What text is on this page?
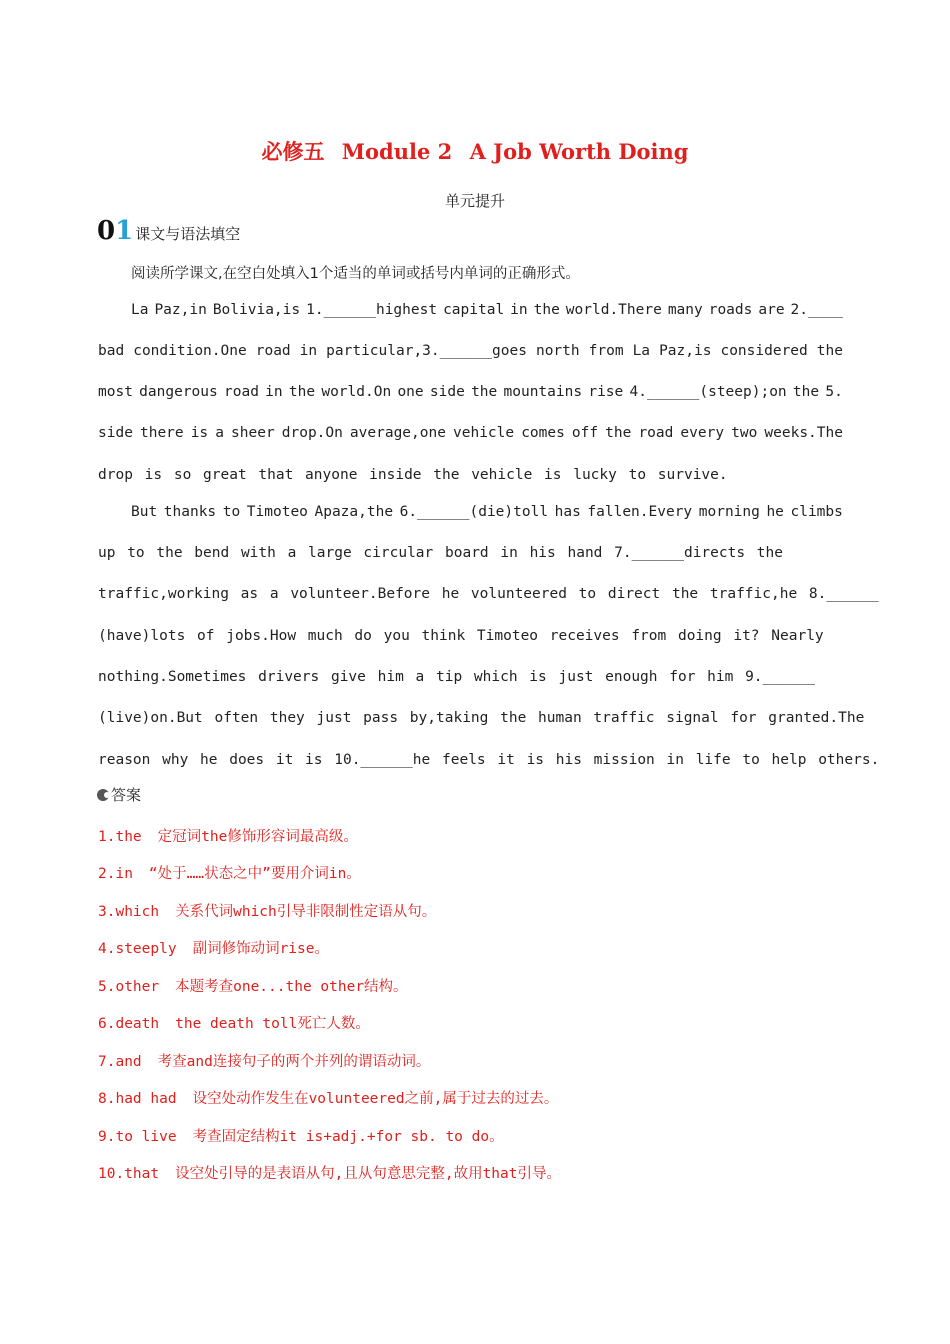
必修五 Module 2 A Job Worth Doing
单元提升
01 课文与语法填空
阅读所学课文,在空白处填入1个适当的单词或括号内单词的正确形式。
La Paz,in Bolivia,is 1.______highest capital in the world.There many roads are 2.____
bad condition.One road in particular,3.______goes north from La Paz,is considered the
most dangerous road in the world.On one side the mountains rise 4.______(steep);on the 5.
side there is a sheer drop.On average,one vehicle comes off the road every two weeks.The
drop is so great that anyone inside the vehicle is lucky to survive.
But thanks to Timoteo Apaza,the 6.______(die)toll has fallen.Every morning he climbs
up to the bend with a large circular board in his hand 7.______directs the
traffic,working as a volunteer.Before he volunteered to direct the traffic,he 8.______
(have)lots of jobs.How much do you think Timoteo receives from doing it? Nearly
nothing.Sometimes drivers give him a tip which is just enough for him 9.______
(live)on.But often they just pass by,taking the human traffic signal for granted.The
reason why he does it is 10.______he feels it is his mission in life to help others.
答案
1.the 定冠词the修饰形容词最高级。
2.in “处于……状态之中”要用介词in。
3.which 关系代词which引导非限制性定语从句。
4.steeply 副词修饰动词rise。
5.other 本题考查one...the other结构。
6.death the death toll死亡人数。
7.and 考查and连接句子的两个并列的谓语动词。
8.had had 设空处动作发生在volunteered之前,属于过去的过去。
9.to live 考查固定结构it is+adj.+for sb. to do。
10.that 设空处引导的是表语从句,且从句意思完整,故用that引导。
